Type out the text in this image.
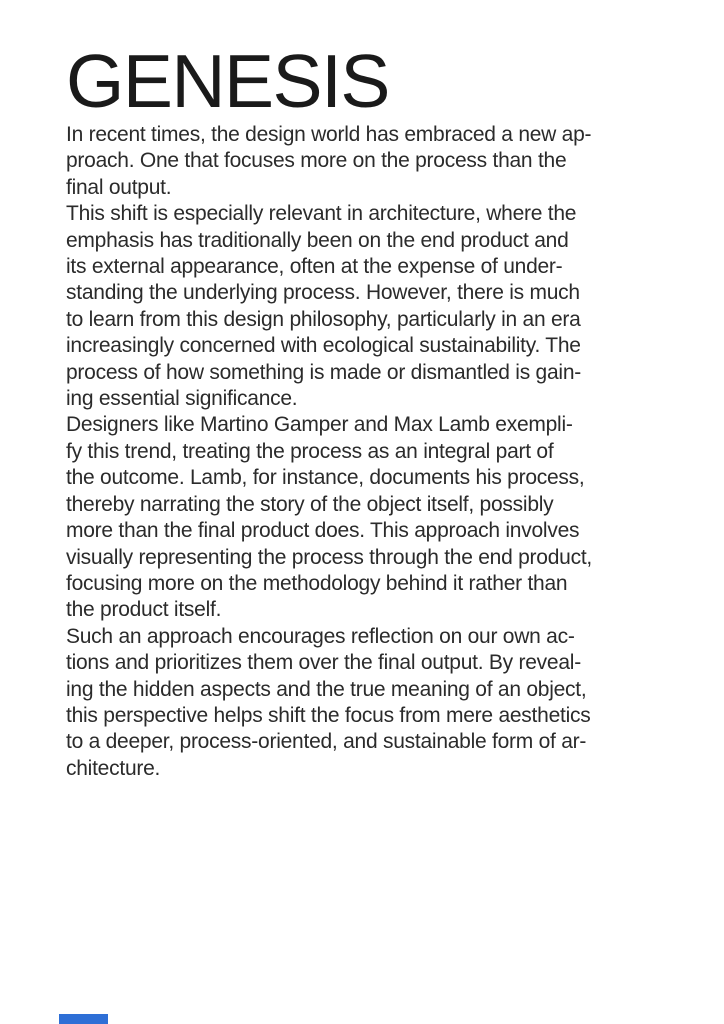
GENESIS
In recent times, the design world has embraced a new ap-
proach. One that focuses more on the process than the
final output.
This shift is especially relevant in architecture, where the
emphasis has traditionally been on the end product and
its external appearance, often at the expense of under-
standing the underlying process. However, there is much
to learn from this design philosophy, particularly in an era
increasingly concerned with ecological sustainability. The
process of how something is made or dismantled is gain-
ing essential significance.
Designers like Martino Gamper and Max Lamb exempli-
fy this trend, treating the process as an integral part of
the outcome. Lamb, for instance, documents his process,
thereby narrating the story of the object itself, possibly
more than the final product does. This approach involves
visually representing the process through the end product,
focusing more on the methodology behind it rather than
the product itself.
Such an approach encourages reflection on our own ac-
tions and prioritizes them over the final output. By reveal-
ing the hidden aspects and the true meaning of an object,
this perspective helps shift the focus from mere aesthetics
to a deeper, process-oriented, and sustainable form of ar-
chitecture.
